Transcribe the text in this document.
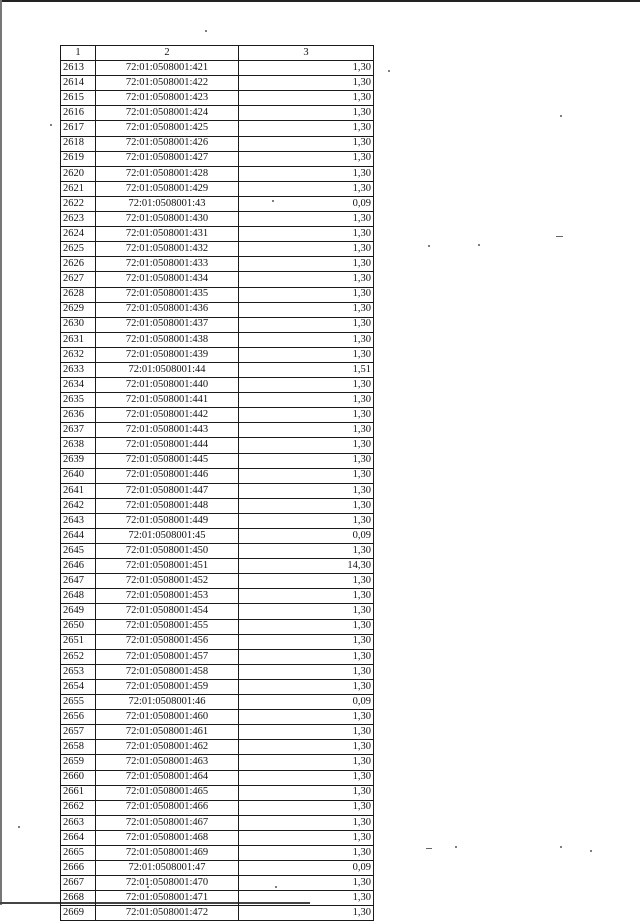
1	2	3
2613	72:01:0508001:421	1,30
2614	72:01:0508001:422	1,30
2615	72:01:0508001:423	1,30
2616	72:01:0508001:424	1,30
2617	72:01:0508001:425	1,30
2618	72:01:0508001:426	1,30
2619	72:01:0508001:427	1,30
2620	72:01:0508001:428	1,30
2621	72:01:0508001:429	1,30
2622	72:01:0508001:43	0,09
2623	72:01:0508001:430	1,30
2624	72:01:0508001:431	1,30
2625	72:01:0508001:432	1,30
2626	72:01:0508001:433	1,30
2627	72:01:0508001:434	1,30
2628	72:01:0508001:435	1,30
2629	72:01:0508001:436	1,30
2630	72:01:0508001:437	1,30
2631	72:01:0508001:438	1,30
2632	72:01:0508001:439	1,30
2633	72:01:0508001:44	1,51
2634	72:01:0508001:440	1,30
2635	72:01:0508001:441	1,30
2636	72:01:0508001:442	1,30
2637	72:01:0508001:443	1,30
2638	72:01:0508001:444	1,30
2639	72:01:0508001:445	1,30
2640	72:01:0508001:446	1,30
2641	72:01:0508001:447	1,30
2642	72:01:0508001:448	1,30
2643	72:01:0508001:449	1,30
2644	72:01:0508001:45	0,09
2645	72:01:0508001:450	1,30
2646	72:01:0508001:451	14,30
2647	72:01:0508001:452	1,30
2648	72:01:0508001:453	1,30
2649	72:01:0508001:454	1,30
2650	72:01:0508001:455	1,30
2651	72:01:0508001:456	1,30
2652	72:01:0508001:457	1,30
2653	72:01:0508001:458	1,30
2654	72:01:0508001:459	1,30
2655	72:01:0508001:46	0,09
2656	72:01:0508001:460	1,30
2657	72:01:0508001:461	1,30
2658	72:01:0508001:462	1,30
2659	72:01:0508001:463	1,30
2660	72:01:0508001:464	1,30
2661	72:01:0508001:465	1,30
2662	72:01:0508001:466	1,30
2663	72:01:0508001:467	1,30
2664	72:01:0508001:468	1,30
2665	72:01:0508001:469	1,30
2666	72:01:0508001:47	0,09
2667	72:01:0508001:470	1,30
2668	72:01:0508001:471	1,30
2669	72:01:0508001:472	1,30
